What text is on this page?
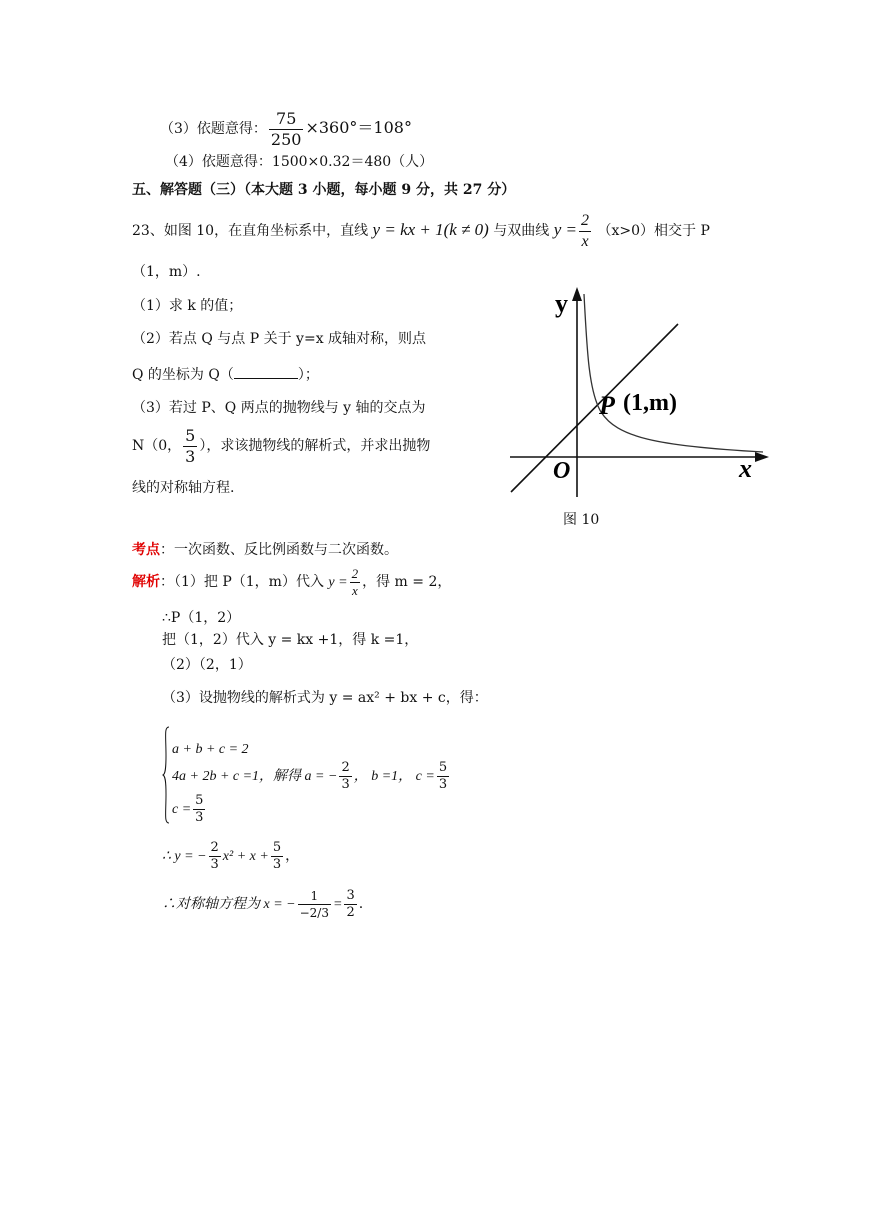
（3）依题意得： $\frac{75}{250} \times 360^\circ=108^\circ$
（4）依题意得：1500×0.32＝480（人）
五、解答题（三）（本大题 3 小题，每小题 9 分，共 27 分）
23、如图 10，在直角坐标系中，直线 y = kx + 1(k ≠ 0) 与双曲线 $y = \frac{2}{x} (x>0)$相交于 P
（1，m）.
（1）求 k 的值；
（2）若点 Q 与点 P 关于 y=x 成轴对称，则点
Q 的坐标为 Q（	）；
（3）若过 P、Q 两点的抛物线与 y 轴的交点为
N（0， $\frac{5}{3}$ ），求该抛物线的解析式，并求出抛物
线的对称轴方程.
y
x
O
P (1,m)
图 10
考点：一次函数、反比例函数与二次函数。
解析：（1）把 P（1，m）代入 $y = \frac{2}{x}$ ，得 m = 2，
∴P（1，2）
把（1，2）代入 y = kx +1，得 k =1，
（2）（2，1）
（3）设抛物线的解析式为 y = ax² + bx + c，得：
a + b + c = 2
4a + 2b + c =1，解得 a = − $\frac{2}{3}$ ， b =1， $c = \frac{5}{3}$
$c = \frac{5}{3}$
∴ y = − $\frac{2}{3} x^2 + x + \frac{5}{3}$ ，
∴对称轴方程为 x = − $\frac{1}{-2/3} = \frac{3}{2}$ .
